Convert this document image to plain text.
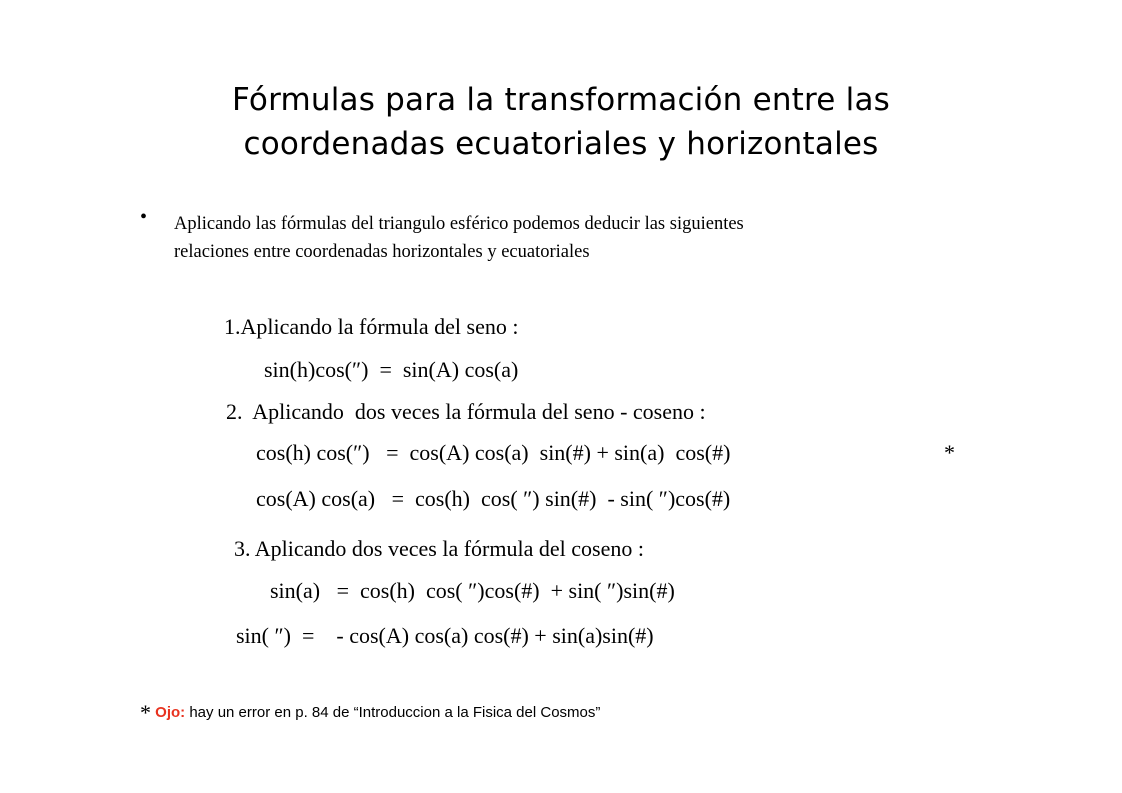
Fórmulas para la transformación entre las
coordenadas ecuatoriales y horizontales
• Aplicando las fórmulas del triangulo esférico podemos deducir las siguientes
relaciones entre coordenadas horizontales y ecuatoriales
1.Aplicando la fórmula del seno :
sin(h)cos(″)  =  sin(A) cos(a)
2.  Aplicando  dos veces la fórmula del seno - coseno :
cos(h) cos(″)   =  cos(A) cos(a)  sin(#) + sin(a)  cos(#)	*
cos(A) cos(a)   =  cos(h)  cos( ″) sin(#)  - sin( ″)cos(#)
3. Aplicando dos veces la fórmula del coseno :
sin(a)   =  cos(h)  cos( ″)cos(#)  + sin( ″)sin(#)
sin( ″)  =    - cos(A) cos(a) cos(#) + sin(a)sin(#)
* Ojo: hay un error en p. 84 de “Introduccion a la Fisica del Cosmos”
